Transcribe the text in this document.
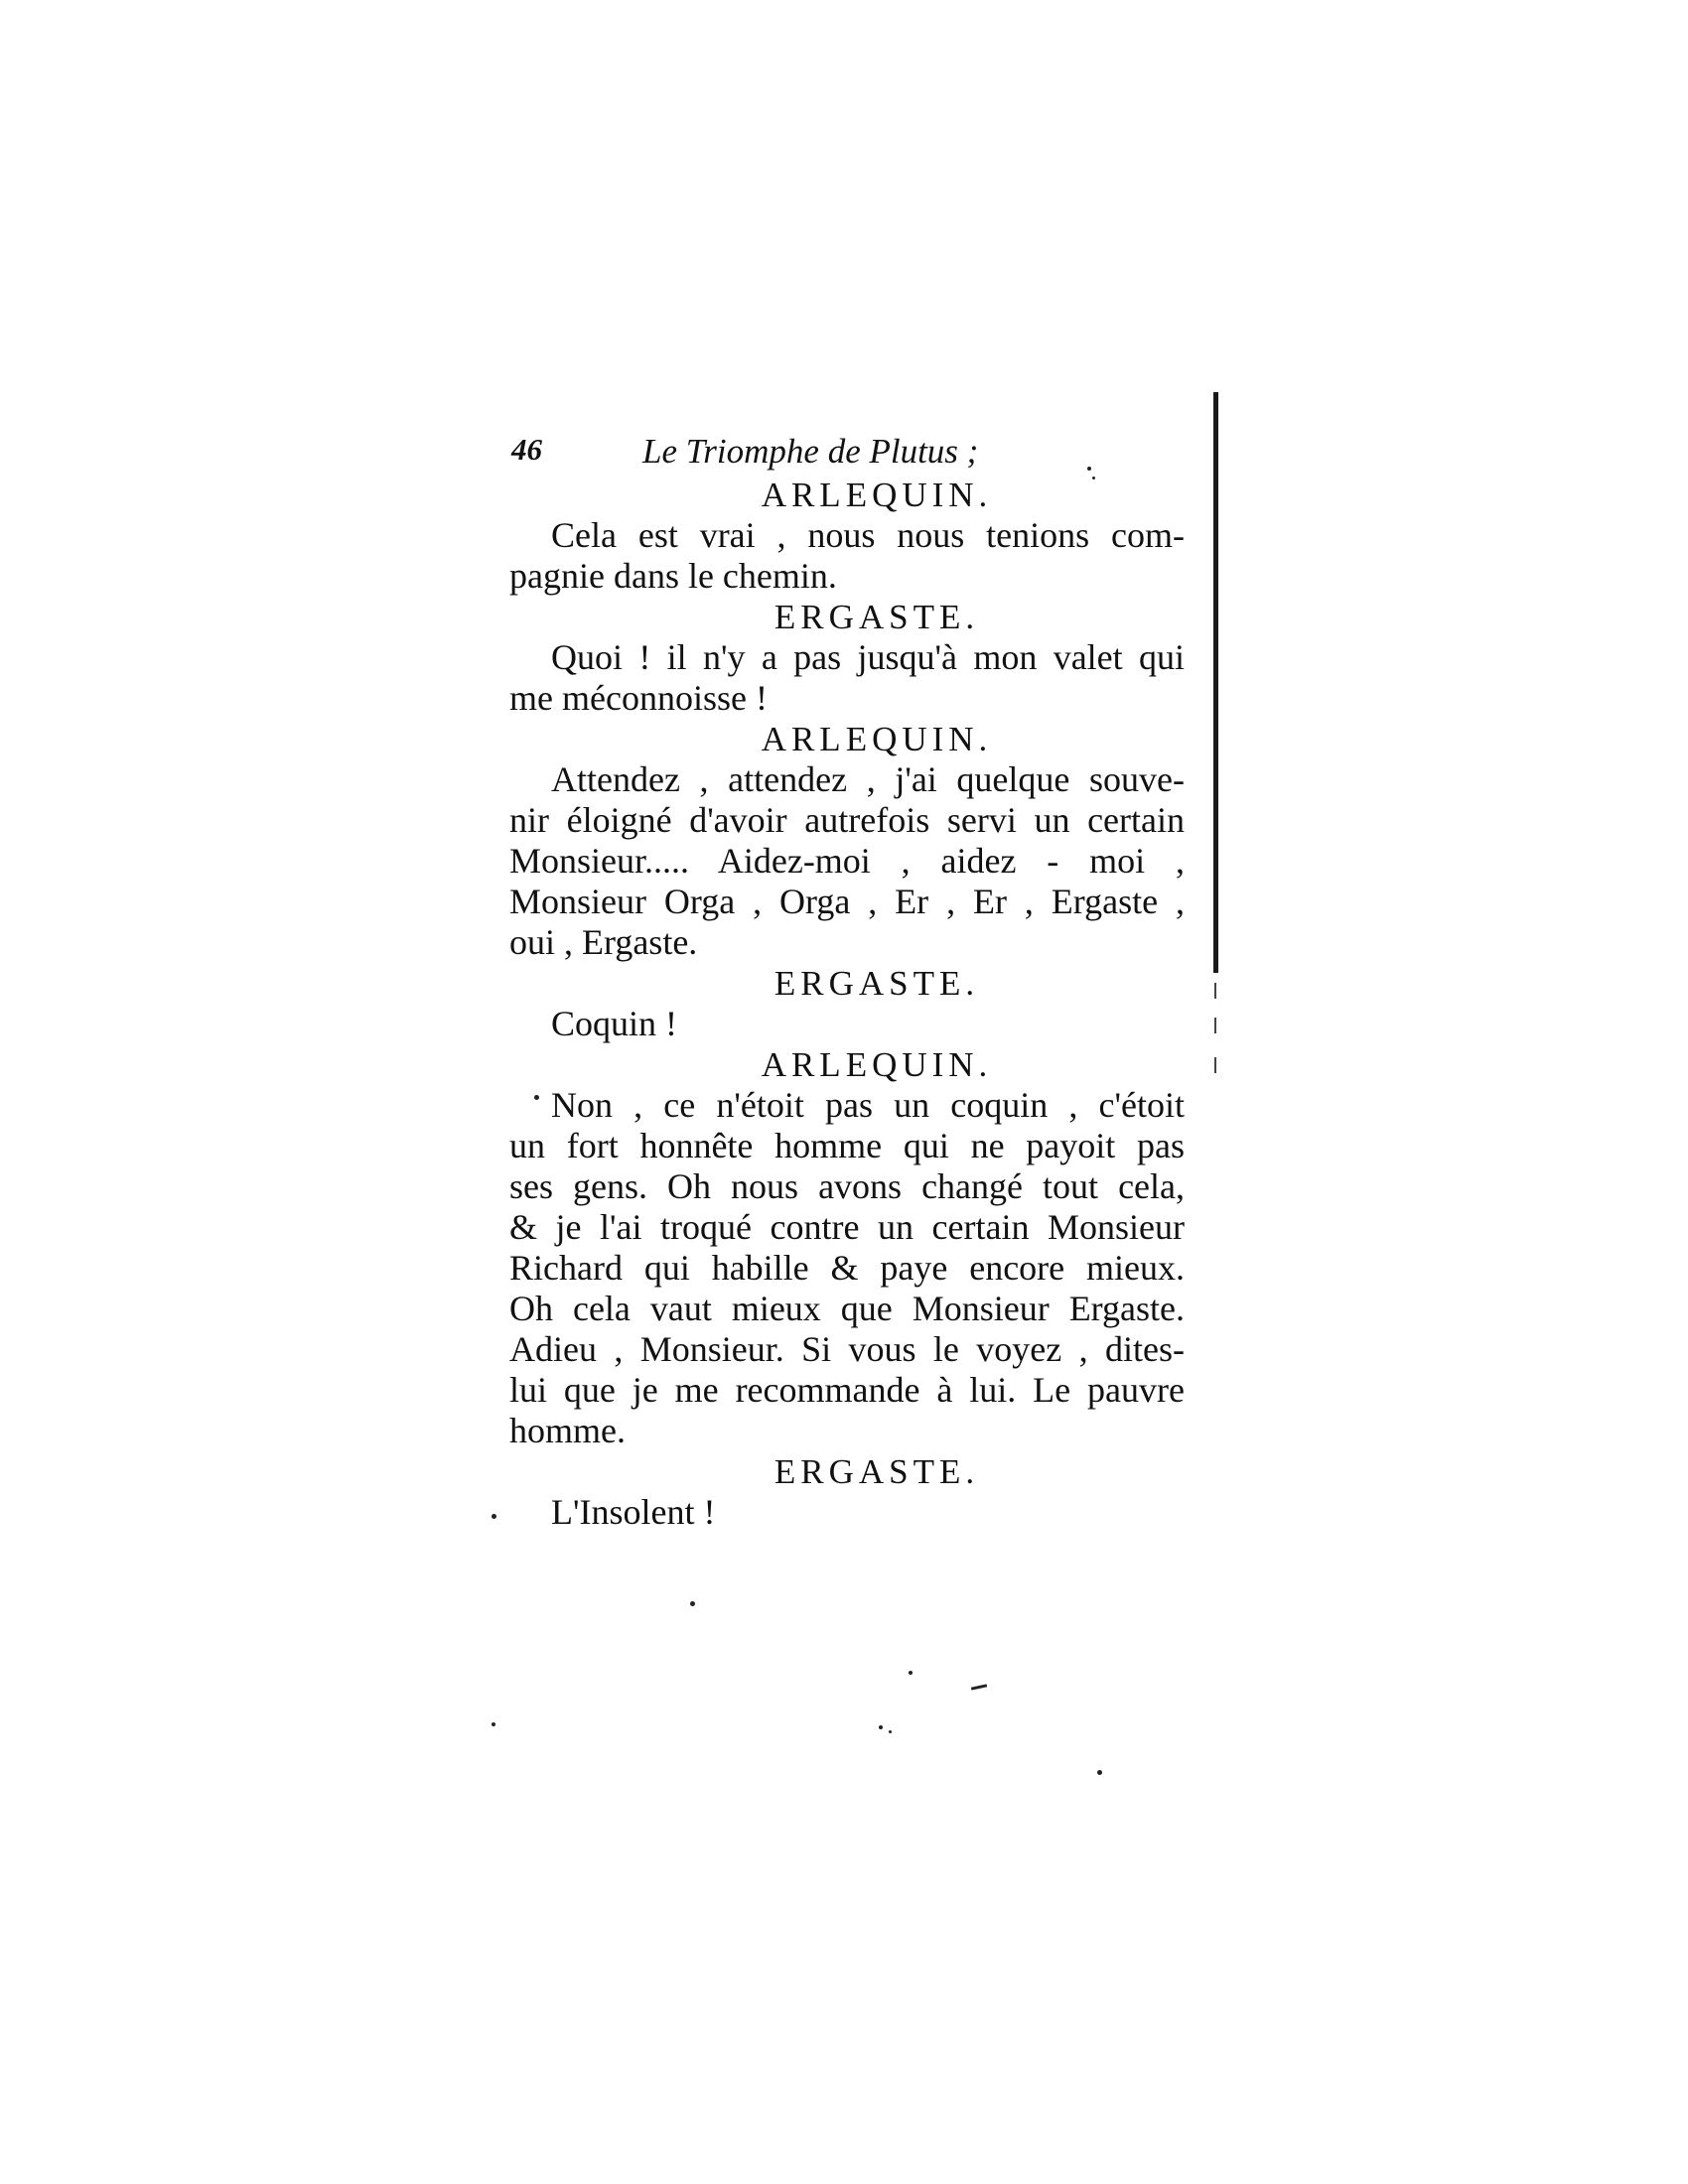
46	Le Triomphe de Plutus ;
ARLEQUIN.
Cela est vrai , nous nous tenions com-
pagnie dans le chemin.
ERGASTE.
Quoi ! il n'y a pas jusqu'à mon valet qui
me méconnoisse !
ARLEQUIN.
Attendez , attendez , j'ai quelque souve-
nir éloigné d'avoir autrefois servi un certain
Monsieur..... Aidez-moi , aidez - moi ,
Monsieur Orga , Orga , Er , Er , Ergaste ,
oui , Ergaste.
ERGASTE.
Coquin !
ARLEQUIN.
Non , ce n'étoit pas un coquin , c'étoit
un fort honnête homme qui ne payoit pas
ses gens. Oh nous avons changé tout cela,
& je l'ai troqué contre un certain Monsieur
Richard qui habille & paye encore mieux.
Oh cela vaut mieux que Monsieur Ergaste.
Adieu , Monsieur. Si vous le voyez , dites-
lui que je me recommande à lui. Le pauvre
homme.
ERGASTE.
L'Insolent !
